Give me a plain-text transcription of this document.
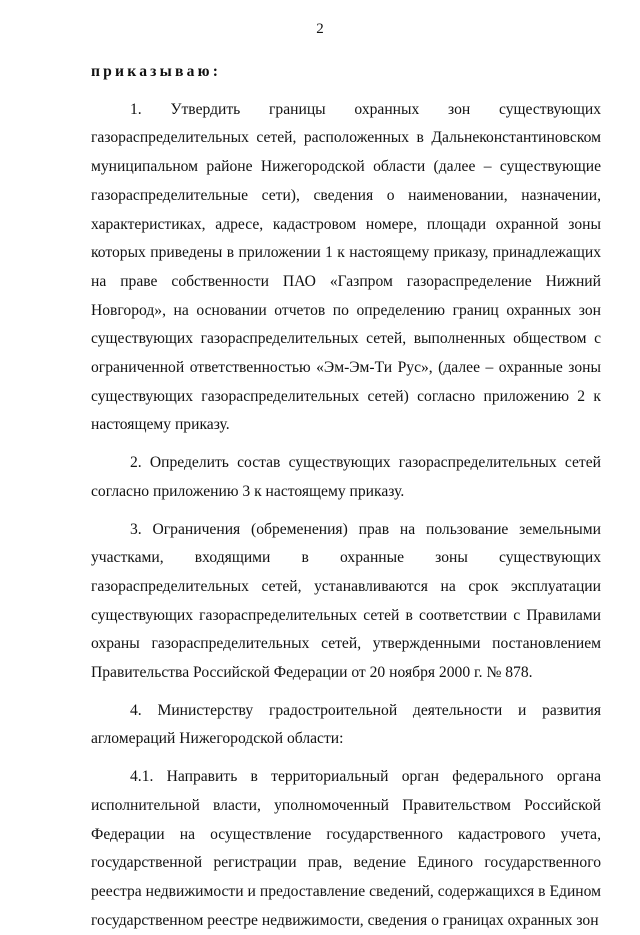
2

приказываю:

1. Утвердить границы охранных зон существующих газораспределительных сетей, расположенных в Дальнеконстантиновском муниципальном районе Нижегородской области (далее – существующие газораспределительные сети), сведения о наименовании, назначении, характеристиках, адресе, кадастровом номере, площади охранной зоны которых приведены в приложении 1 к настоящему приказу, принадлежащих на праве собственности ПАО «Газпром газораспределение Нижний Новгород», на основании отчетов по определению границ охранных зон существующих газораспределительных сетей, выполненных обществом с ограниченной ответственностью «Эм-Эм-Ти Рус», (далее – охранные зоны существующих газораспределительных сетей) согласно приложению 2 к настоящему приказу.

2. Определить состав существующих газораспределительных сетей согласно приложению 3 к настоящему приказу.

3. Ограничения (обременения) прав на пользование земельными участками, входящими в охранные зоны существующих газораспределительных сетей, устанавливаются на срок эксплуатации существующих газораспределительных сетей в соответствии с Правилами охраны газораспределительных сетей, утвержденными постановлением Правительства Российской Федерации от 20 ноября 2000 г. № 878.

4. Министерству градостроительной деятельности и развития агломераций Нижегородской области:

4.1. Направить в территориальный орган федерального органа исполнительной власти, уполномоченный Правительством Российской Федерации на осуществление государственного кадастрового учета, государственной регистрации прав, ведение Единого государственного реестра недвижимости и предоставление сведений, содержащихся в Едином государственном реестре недвижимости, сведения о границах охранных зон
